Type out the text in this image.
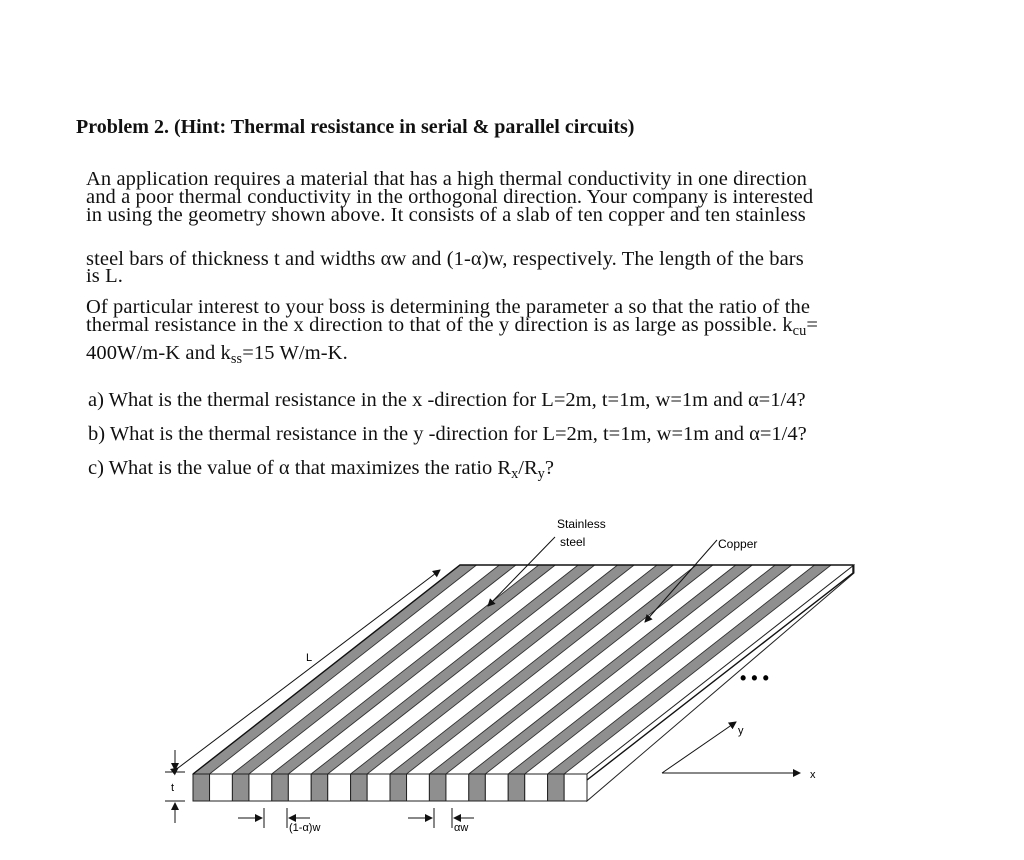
Problem 2. (Hint: Thermal resistance in serial & parallel circuits)
An application requires a material that has a high thermal conductivity in one direction
and a poor thermal conductivity in the orthogonal direction. Your company is interested
in using the geometry shown above. It consists of a slab of ten copper and ten stainless
steel bars of thickness t and widths αw and (1-α)w, respectively. The length of the bars
is L.
Of particular interest to your boss is determining the parameter a so that the ratio of the
thermal resistance in the x direction to that of the y direction is as large as possible. $k_{cu}=$
400W/m-K and $k_{ss}=15$ W/m-K.
a) What is the thermal resistance in the x -direction for L=2m, t=1m, w=1m and α=1/4?
b) What is the thermal resistance in the y -direction for L=2m, t=1m, w=1m and α=1/4?
c) What is the value of α that maximizes the ratio $R_x/R_y$?
L
Stainless
steel	Copper
• • •
y
x
t
(1-α)w	αw
